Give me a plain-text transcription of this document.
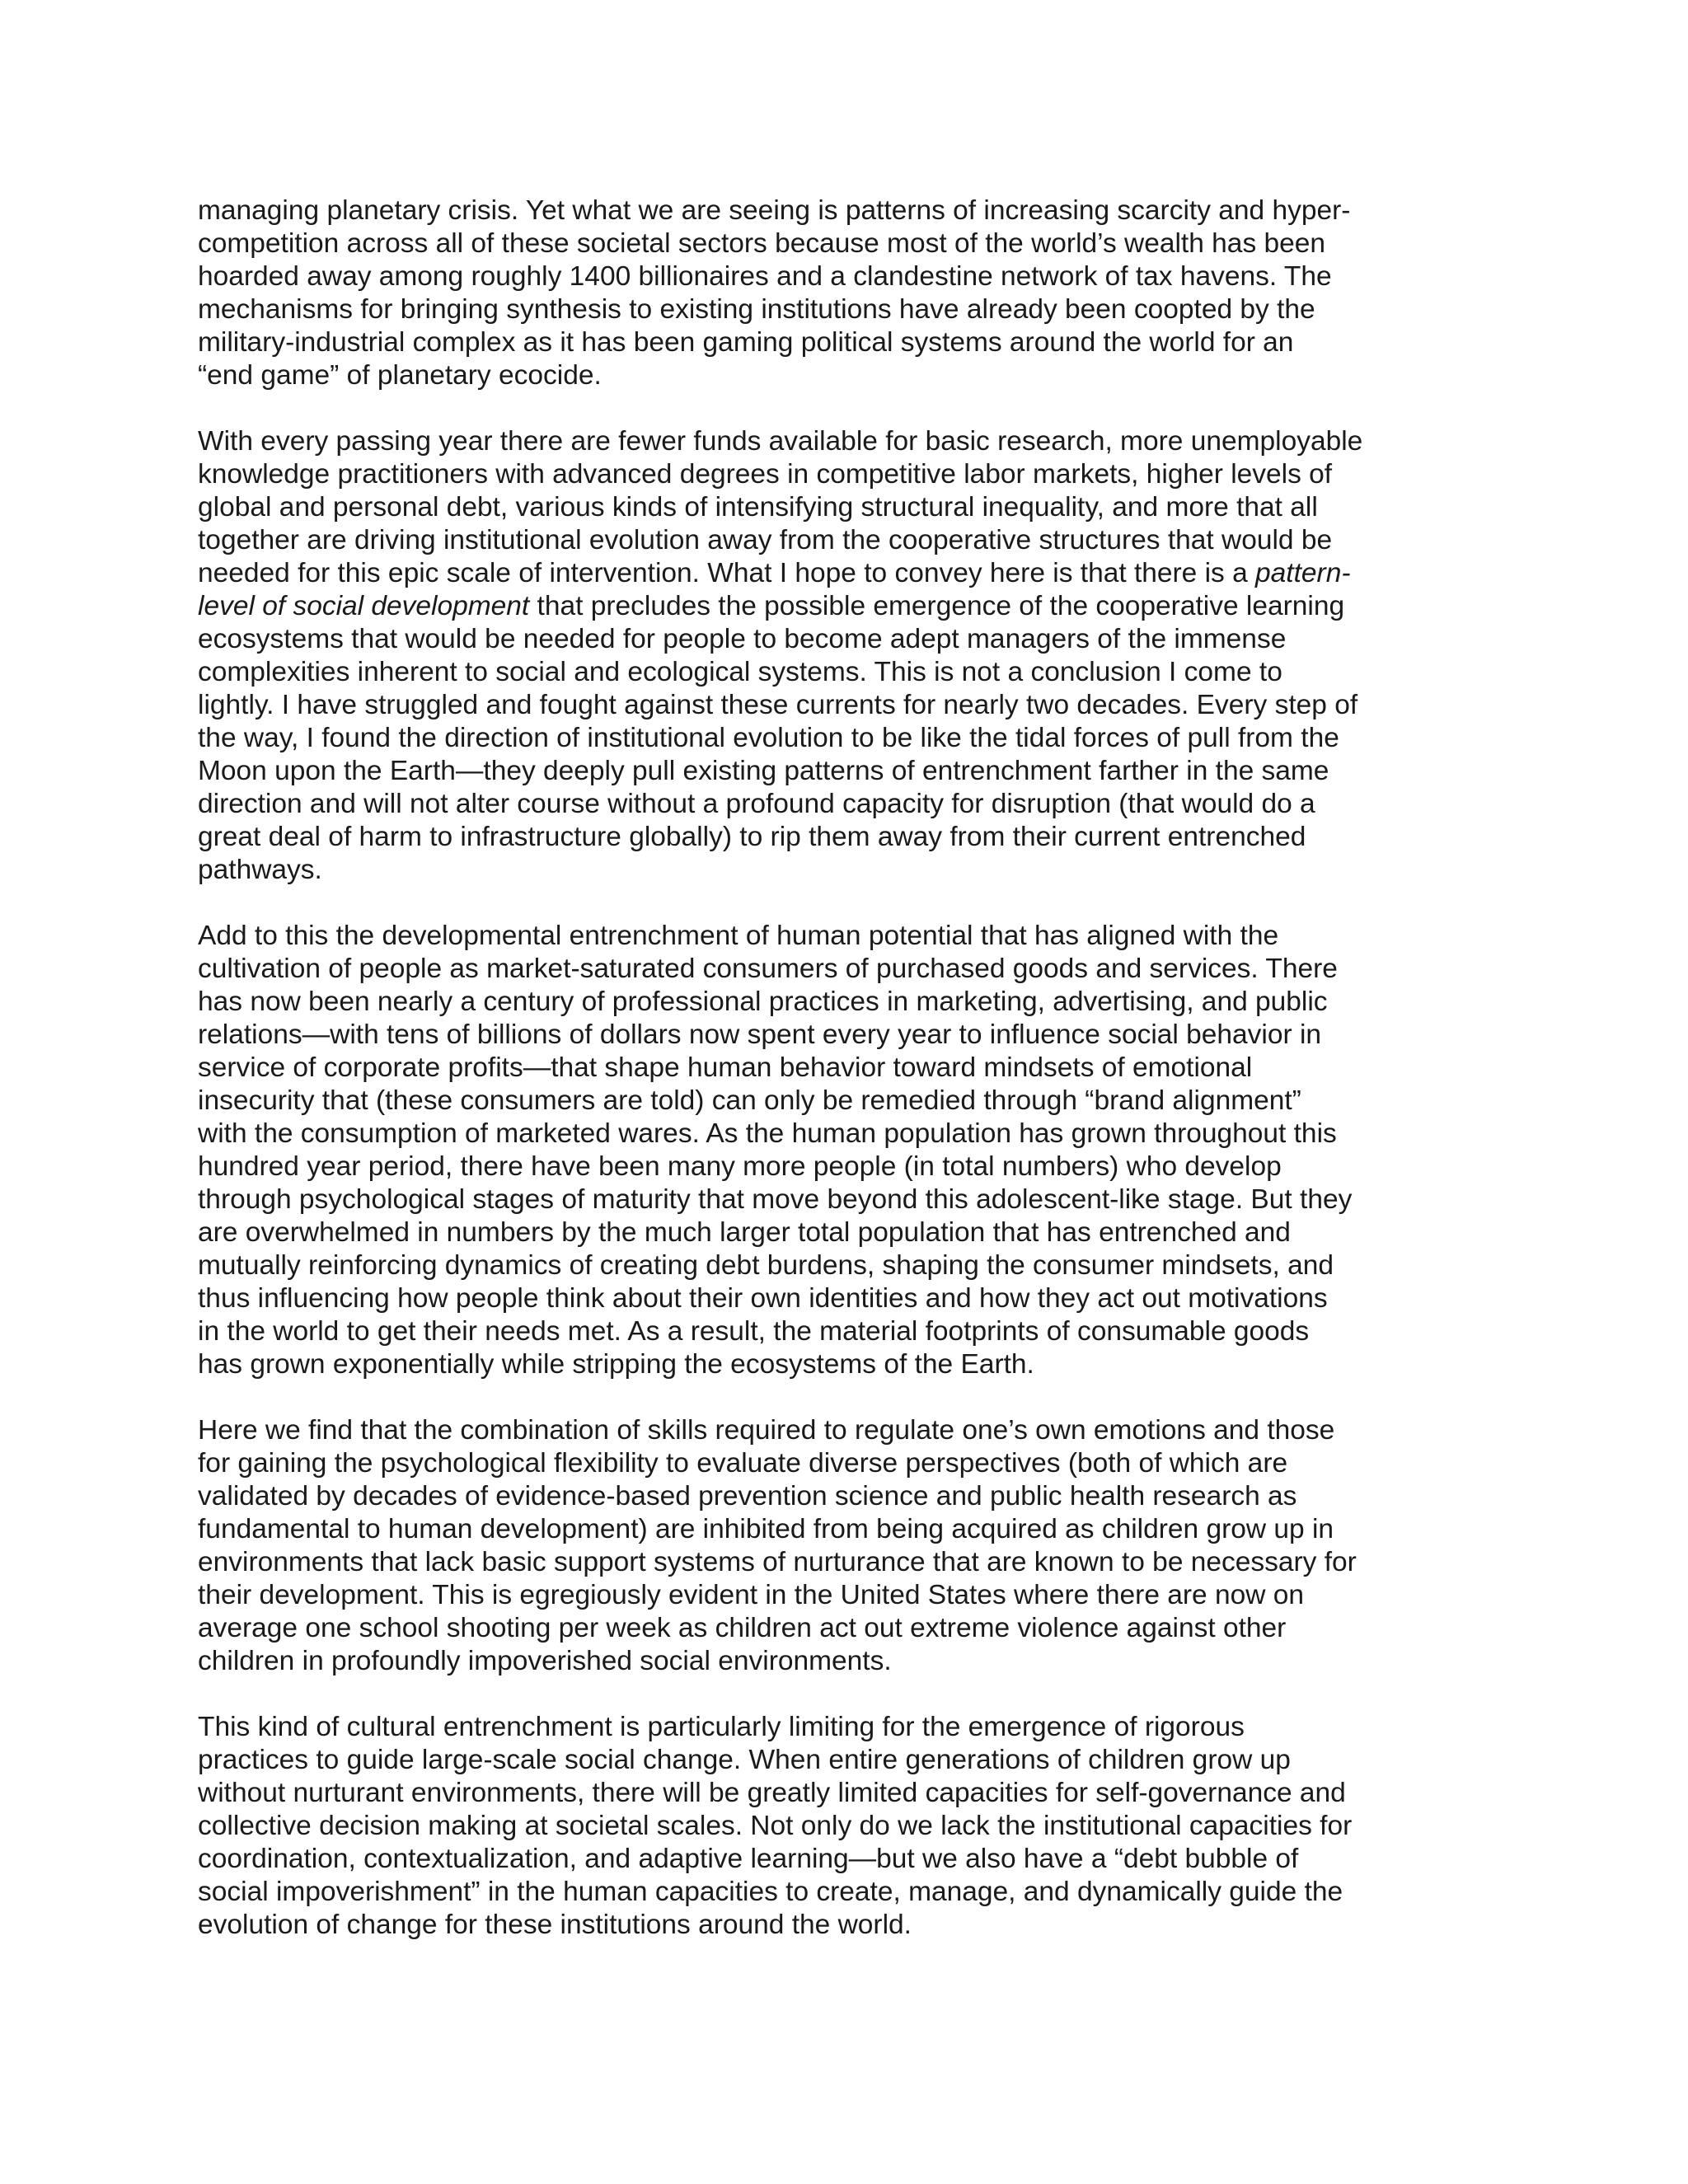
managing planetary crisis. Yet what we are seeing is patterns of increasing scarcity and hyper-
competition across all of these societal sectors because most of the world’s wealth has been
hoarded away among roughly 1400 billionaires and a clandestine network of tax havens. The
mechanisms for bringing synthesis to existing institutions have already been coopted by the
military-industrial complex as it has been gaming political systems around the world for an
“end game” of planetary ecocide.

With every passing year there are fewer funds available for basic research, more unemployable
knowledge practitioners with advanced degrees in competitive labor markets, higher levels of
global and personal debt, various kinds of intensifying structural inequality, and more that all
together are driving institutional evolution away from the cooperative structures that would be
needed for this epic scale of intervention. What I hope to convey here is that there is a pattern-
level of social development that precludes the possible emergence of the cooperative learning
ecosystems that would be needed for people to become adept managers of the immense
complexities inherent to social and ecological systems. This is not a conclusion I come to
lightly. I have struggled and fought against these currents for nearly two decades. Every step of
the way, I found the direction of institutional evolution to be like the tidal forces of pull from the
Moon upon the Earth—they deeply pull existing patterns of entrenchment farther in the same
direction and will not alter course without a profound capacity for disruption (that would do a
great deal of harm to infrastructure globally) to rip them away from their current entrenched
pathways.

Add to this the developmental entrenchment of human potential that has aligned with the
cultivation of people as market-saturated consumers of purchased goods and services. There
has now been nearly a century of professional practices in marketing, advertising, and public
relations—with tens of billions of dollars now spent every year to influence social behavior in
service of corporate profits—that shape human behavior toward mindsets of emotional
insecurity that (these consumers are told) can only be remedied through “brand alignment”
with the consumption of marketed wares. As the human population has grown throughout this
hundred year period, there have been many more people (in total numbers) who develop
through psychological stages of maturity that move beyond this adolescent-like stage. But they
are overwhelmed in numbers by the much larger total population that has entrenched and
mutually reinforcing dynamics of creating debt burdens, shaping the consumer mindsets, and
thus influencing how people think about their own identities and how they act out motivations
in the world to get their needs met. As a result, the material footprints of consumable goods
has grown exponentially while stripping the ecosystems of the Earth.

Here we find that the combination of skills required to regulate one’s own emotions and those
for gaining the psychological flexibility to evaluate diverse perspectives (both of which are
validated by decades of evidence-based prevention science and public health research as
fundamental to human development) are inhibited from being acquired as children grow up in
environments that lack basic support systems of nurturance that are known to be necessary for
their development. This is egregiously evident in the United States where there are now on
average one school shooting per week as children act out extreme violence against other
children in profoundly impoverished social environments.

This kind of cultural entrenchment is particularly limiting for the emergence of rigorous
practices to guide large-scale social change. When entire generations of children grow up
without nurturant environments, there will be greatly limited capacities for self-governance and
collective decision making at societal scales. Not only do we lack the institutional capacities for
coordination, contextualization, and adaptive learning—but we also have a “debt bubble of
social impoverishment” in the human capacities to create, manage, and dynamically guide the
evolution of change for these institutions around the world.
